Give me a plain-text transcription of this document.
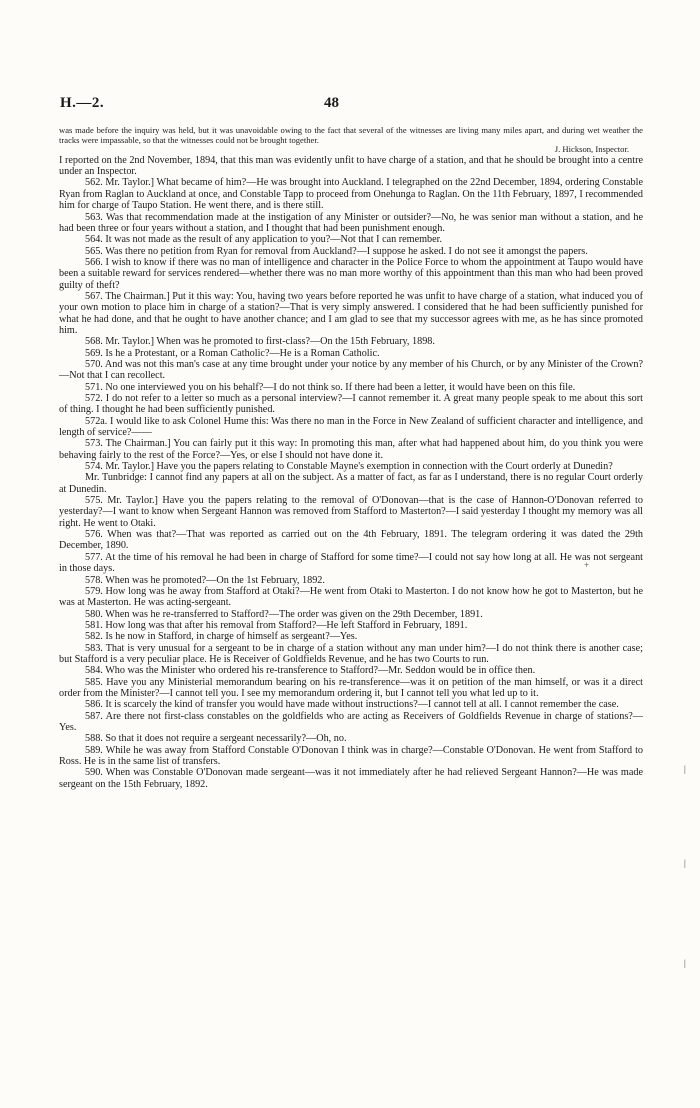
H.—2.	48

was made before the inquiry was held, but it was unavoidable owing to the fact that several of the witnesses are living many miles apart, and during wet weather the tracks were impassable, so that the witnesses could not be brought together.

J. Hickson, Inspector.

I reported on the 2nd November, 1894, that this man was evidently unfit to have charge of a station, and that he should be brought into a centre under an Inspector.

562. Mr. Taylor.] What became of him?—He was brought into Auckland. I telegraphed on the 22nd December, 1894, ordering Constable Ryan from Raglan to Auckland at once, and Constable Tapp to proceed from Onehunga to Raglan. On the 11th February, 1897, I recommended him for charge of Taupo Station. He went there, and is there still.

563. Was that recommendation made at the instigation of any Minister or outsider?—No, he was senior man without a station, and he had been three or four years without a station, and I thought that had been punishment enough.

564. It was not made as the result of any application to you?—Not that I can remember.

565. Was there no petition from Ryan for removal from Auckland?—I suppose he asked. I do not see it amongst the papers.

566. I wish to know if there was no man of intelligence and character in the Police Force to whom the appointment at Taupo would have been a suitable reward for services rendered—whether there was no man more worthy of this appointment than this man who had been proved guilty of theft?

567. The Chairman.] Put it this way: You, having two years before reported he was unfit to have charge of a station, what induced you of your own motion to place him in charge of a station?—That is very simply answered. I considered that he had been sufficiently punished for what he had done, and that he ought to have another chance; and I am glad to see that my successor agrees with me, as he has since promoted him.

568. Mr. Taylor.] When was he promoted to first-class?—On the 15th February, 1898.

569. Is he a Protestant, or a Roman Catholic?—He is a Roman Catholic.

570. And was not this man's case at any time brought under your notice by any member of his Church, or by any Minister of the Crown?—Not that I can recollect.

571. No one interviewed you on his behalf?—I do not think so. If there had been a letter, it would have been on this file.

572. I do not refer to a letter so much as a personal interview?—I cannot remember it. A great many people speak to me about this sort of thing. I thought he had been sufficiently punished.

572a. I would like to ask Colonel Hume this: Was there no man in the Force in New Zealand of sufficient character and intelligence, and length of service?——

573. The Chairman.] You can fairly put it this way: In promoting this man, after what had happened about him, do you think you were behaving fairly to the rest of the Force?—Yes, or else I should not have done it.

574. Mr. Taylor.] Have you the papers relating to Constable Mayne's exemption in connection with the Court orderly at Dunedin?

Mr. Tunbridge: I cannot find any papers at all on the subject. As a matter of fact, as far as I understand, there is no regular Court orderly at Dunedin.

575. Mr. Taylor.] Have you the papers relating to the removal of O'Donovan—that is the case of Hannon-O'Donovan referred to yesterday?—I want to know when Sergeant Hannon was removed from Stafford to Masterton?—I said yesterday I thought my memory was all right. He went to Otaki.

576. When was that?—That was reported as carried out on the 4th February, 1891. The telegram ordering it was dated the 29th December, 1890.

577. At the time of his removal he had been in charge of Stafford for some time?—I could not say how long at all. He was not sergeant in those days.

578. When was he promoted?—On the 1st February, 1892.

579. How long was he away from Stafford at Otaki?—He went from Otaki to Masterton. I do not know how he got to Masterton, but he was at Masterton. He was acting-sergeant.

580. When was he re-transferred to Stafford?—The order was given on the 29th December, 1891.

581. How long was that after his removal from Stafford?—He left Stafford in February, 1891.

582. Is he now in Stafford, in charge of himself as sergeant?—Yes.

583. That is very unusual for a sergeant to be in charge of a station without any man under him?—I do not think there is another case; but Stafford is a very peculiar place. He is Receiver of Goldfields Revenue, and he has two Courts to run.

584. Who was the Minister who ordered his re-transference to Stafford?—Mr. Seddon would be in office then.

585. Have you any Ministerial memorandum bearing on his re-transference—was it on petition of the man himself, or was it a direct order from the Minister?—I cannot tell you. I see my memorandum ordering it, but I cannot tell you what led up to it.

586. It is scarcely the kind of transfer you would have made without instructions?—I cannot tell at all. I cannot remember the case.

587. Are there not first-class constables on the goldfields who are acting as Receivers of Goldfields Revenue in charge of stations?—Yes.

588. So that it does not require a sergeant necessarily?—Oh, no.

589. While he was away from Stafford Constable O'Donovan I think was in charge?—Constable O'Donovan. He went from Stafford to Ross. He is in the same list of transfers.

590. When was Constable O'Donovan made sergeant—was it not immediately after he had relieved Sergeant Hannon?—He was made sergeant on the 15th February, 1892.

+
|
|
|
